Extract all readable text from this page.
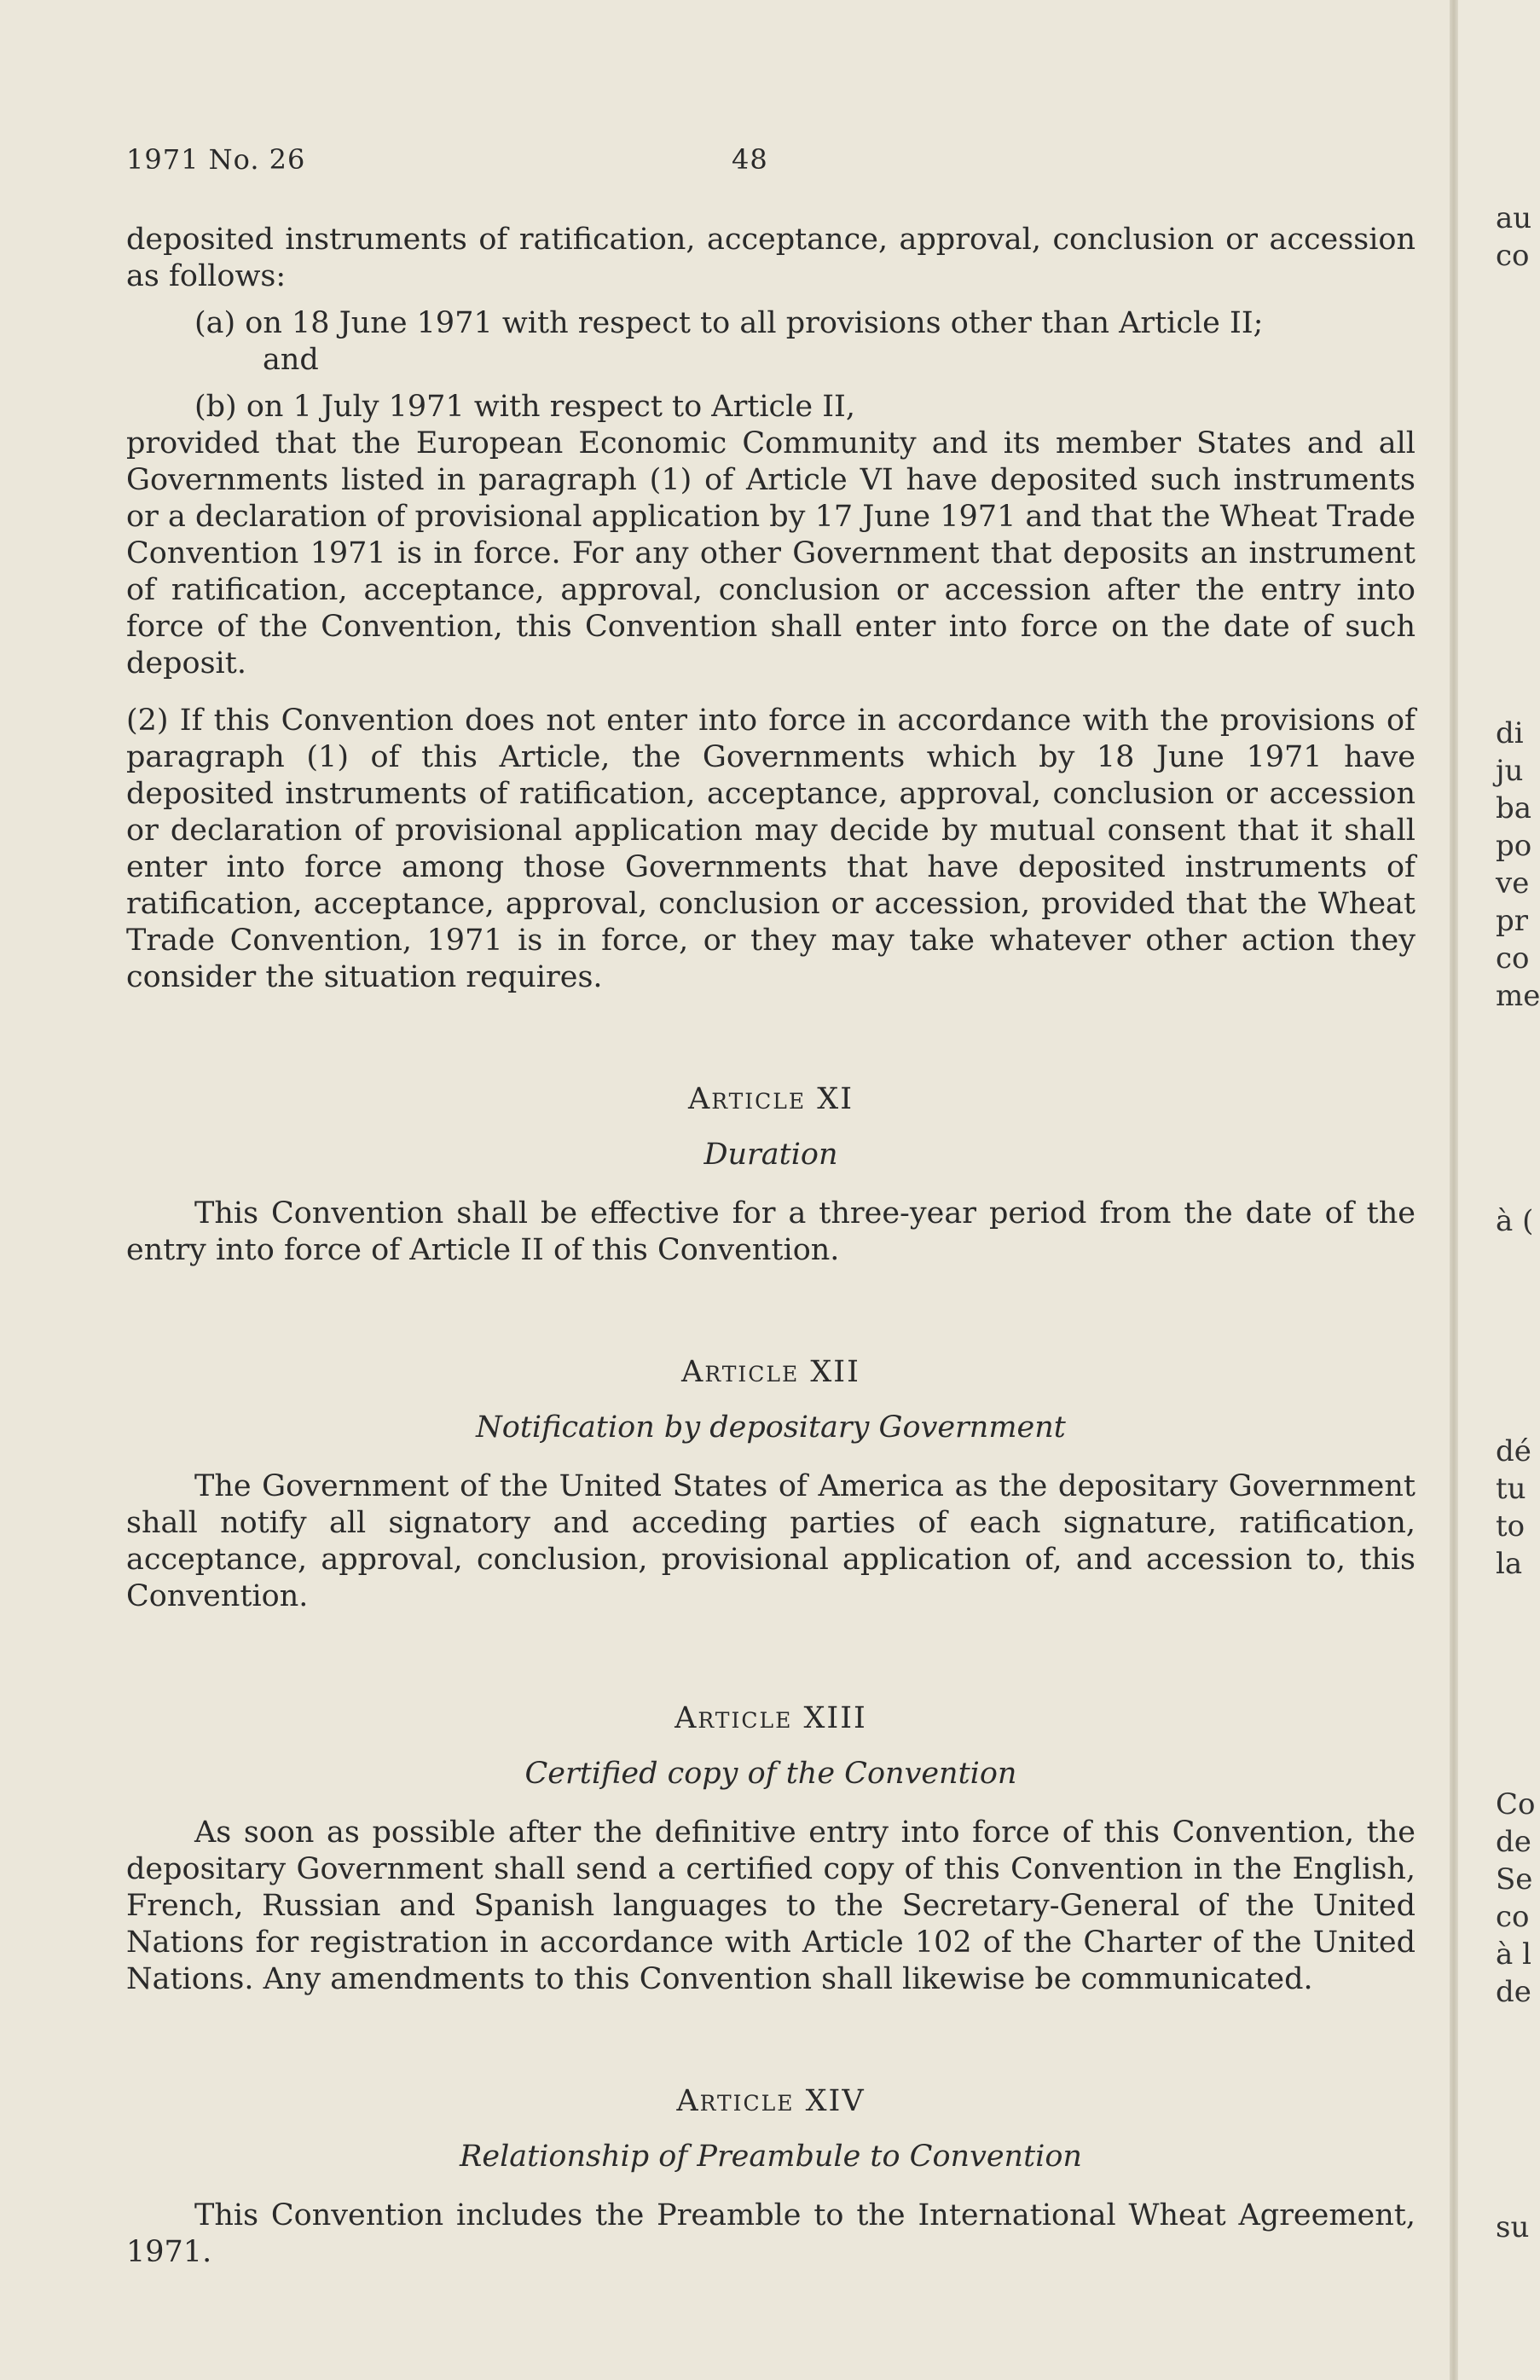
1971 No. 26	48

deposited instruments of ratification, acceptance, approval, conclusion or accession as follows:

(a) on 18 June 1971 with respect to all provisions other than Article II;
and

(b) on 1 July 1971 with respect to Article II,

provided that the European Economic Community and its member States and all Governments listed in paragraph (1) of Article VI have deposited such instruments or a declaration of provisional application by 17 June 1971 and that the Wheat Trade Convention 1971 is in force. For any other Government that deposits an instrument of ratification, acceptance, approval, conclusion or accession after the entry into force of the Convention, this Convention shall enter into force on the date of such deposit.

(2) If this Convention does not enter into force in accordance with the provisions of paragraph (1) of this Article, the Governments which by 18 June 1971 have deposited instruments of ratification, acceptance, approval, conclusion or accession or declaration of provisional application may decide by mutual consent that it shall enter into force among those Governments that have deposited instruments of ratification, acceptance, approval, conclusion or accession, provided that the Wheat Trade Convention, 1971 is in force, or they may take whatever other action they consider the situation requires.

Article XI

Duration

This Convention shall be effective for a three-year period from the date of the entry into force of Article II of this Convention.

Article XII

Notification by depositary Government

The Government of the United States of America as the depositary Government shall notify all signatory and acceding parties of each signature, ratification, acceptance, approval, conclusion, provisional application of, and accession to, this Convention.

Article XIII

Certified copy of the Convention

As soon as possible after the definitive entry into force of this Convention, the depositary Government shall send a certified copy of this Convention in the English, French, Russian and Spanish languages to the Secretary-General of the United Nations for registration in accordance with Article 102 of the Charter of the United Nations. Any amendments to this Convention shall likewise be communicated.

Article XIV

Relationship of Preambule to Convention

This Convention includes the Preamble to the International Wheat Agreement, 1971.

au
co
di
ju
ba
po
ve
pr
co
me
à (
dé
tu
to
la
Co
de
Se
co
à l
de
su
